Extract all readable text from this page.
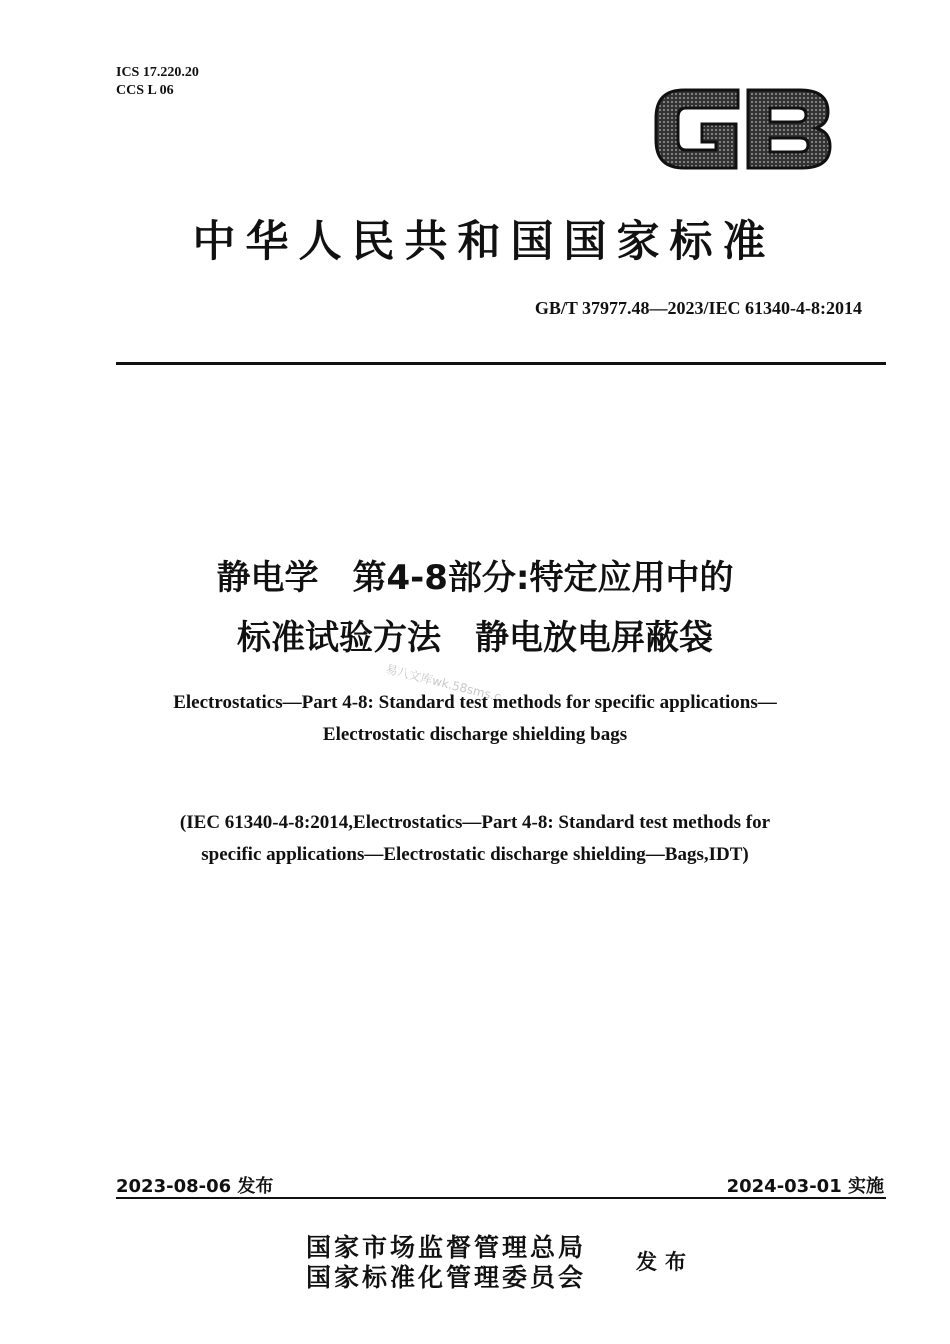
ICS 17.220.20
CCS L 06
中华人民共和国国家标准
GB/T 37977.48—2023/IEC 61340-4-8:2014
静电学　第4-8部分:特定应用中的
标准试验方法　静电放电屏蔽袋
易八文库wk.58sms.c
Electrostatics—Part 4-8: Standard test methods for specific applications—
Electrostatic discharge shielding bags
(IEC 61340-4-8:2014,Electrostatics—Part 4-8: Standard test methods for
specific applications—Electrostatic discharge shielding—Bags,IDT)
2023-08-06 发布	2024-03-01 实施
国家市场监督管理总局
国家标准化管理委员会
发布
